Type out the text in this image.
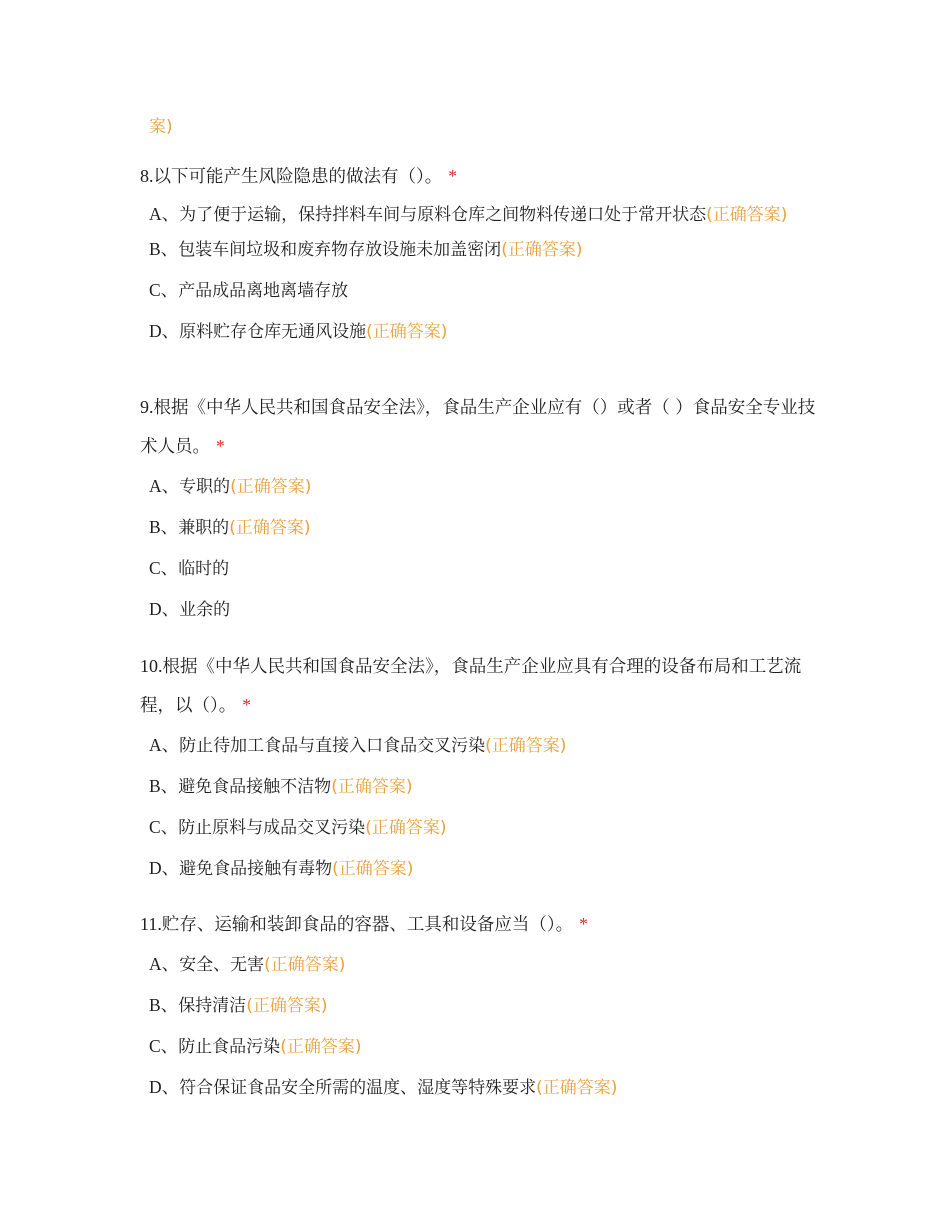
案)

8.以下可能产生风险隐患的做法有（）。 *

A、为了便于运输，保持拌料车间与原料仓库之间物料传递口处于常开状态(正确答案)
B、包装车间垃圾和废弃物存放设施未加盖密闭(正确答案)
C、产品成品离地离墙存放
D、原料贮存仓库无通风设施(正确答案)

9.根据《中华人民共和国食品安全法》，食品生产企业应有（）或者（ ）食品安全专业技术人员。 *

A、专职的(正确答案)
B、兼职的(正确答案)
C、临时的
D、业余的

10.根据《中华人民共和国食品安全法》，食品生产企业应具有合理的设备布局和工艺流程，以（）。 *

A、防止待加工食品与直接入口食品交叉污染(正确答案)
B、避免食品接触不洁物(正确答案)
C、防止原料与成品交叉污染(正确答案)
D、避免食品接触有毒物(正确答案)

11.贮存、运输和装卸食品的容器、工具和设备应当（）。 *

A、安全、无害(正确答案)
B、保持清洁(正确答案)
C、防止食品污染(正确答案)
D、符合保证食品安全所需的温度、湿度等特殊要求(正确答案)
